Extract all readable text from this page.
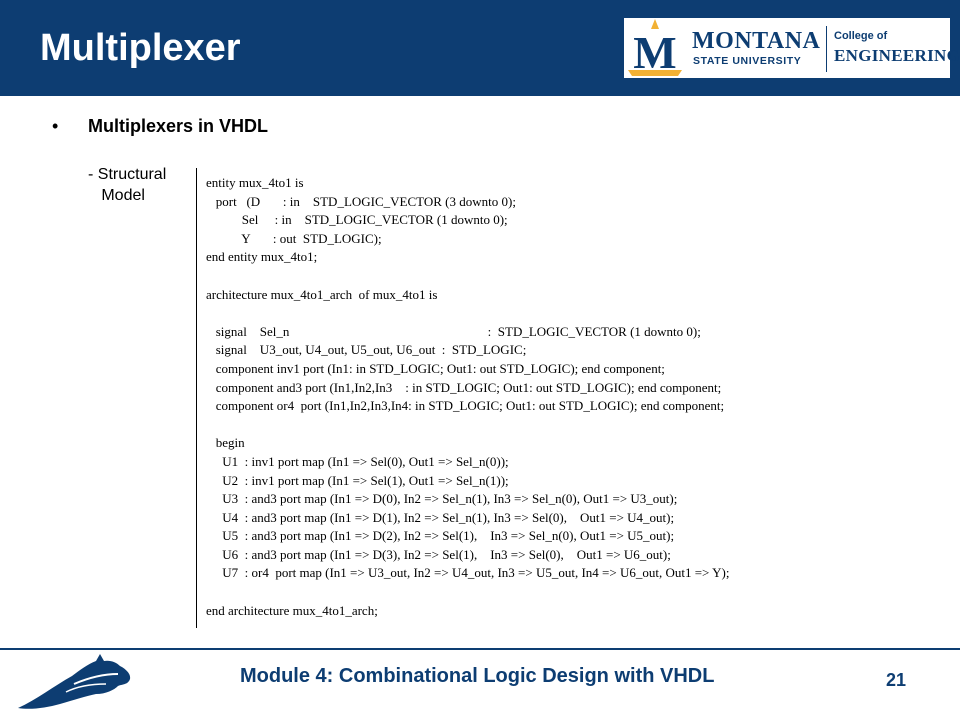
Multiplexer	M MONTANA
STATE UNIVERSITY
College of
ENGINEERING
• Multiplexers in VHDL
- Structural
Model
entity mux_4to1 is
port   (D       : in    STD_LOGIC_VECTOR (3 downto 0);
Sel     : in    STD_LOGIC_VECTOR (1 downto 0);
Y       : out  STD_LOGIC);
end entity mux_4to1;

architecture mux_4to1_arch  of mux_4to1 is

signal    Sel_n                                                             :  STD_LOGIC_VECTOR (1 downto 0);
signal    U3_out, U4_out, U5_out, U6_out  :  STD_LOGIC;
component inv1 port (In1: in STD_LOGIC; Out1: out STD_LOGIC); end component;
component and3 port (In1,In2,In3    : in STD_LOGIC; Out1: out STD_LOGIC); end component;
component or4  port (In1,In2,In3,In4: in STD_LOGIC; Out1: out STD_LOGIC); end component;

begin
U1  : inv1 port map (In1 => Sel(0), Out1 => Sel_n(0));
U2  : inv1 port map (In1 => Sel(1), Out1 => Sel_n(1));
U3  : and3 port map (In1 => D(0), In2 => Sel_n(1), In3 => Sel_n(0), Out1 => U3_out);
U4  : and3 port map (In1 => D(1), In2 => Sel_n(1), In3 => Sel(0),    Out1 => U4_out);
U5  : and3 port map (In1 => D(2), In2 => Sel(1),    In3 => Sel_n(0), Out1 => U5_out);
U6  : and3 port map (In1 => D(3), In2 => Sel(1),    In3 => Sel(0),    Out1 => U6_out);
U7  : or4  port map (In1 => U3_out, In2 => U4_out, In3 => U5_out, In4 => U6_out, Out1 => Y);

end architecture mux_4to1_arch;
Module 4: Combinational Logic Design with VHDL	21
